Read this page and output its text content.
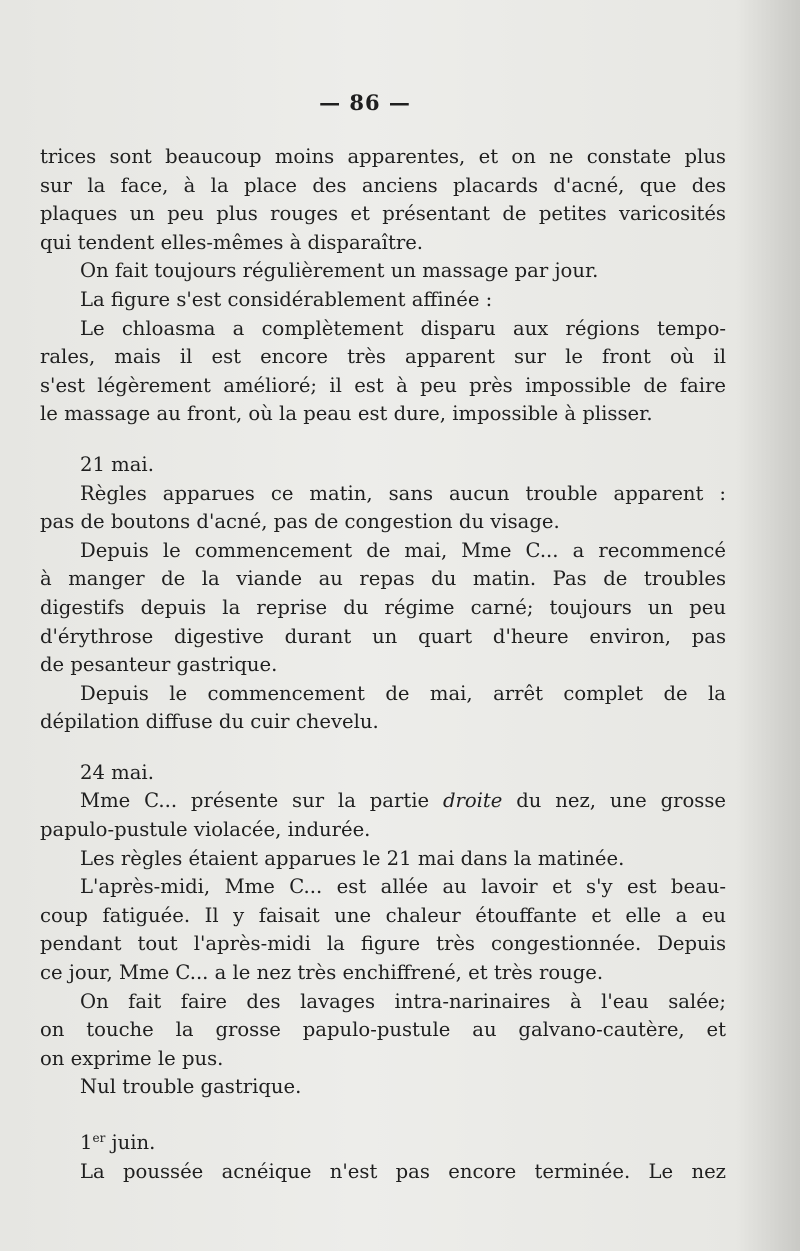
— 86 —
trices sont beaucoup moins apparentes, et on ne constate plus
sur la face, à la place des anciens placards d'acné, que des
plaques un peu plus rouges et présentant de petites varicosités
qui tendent elles-mêmes à disparaître.
On fait toujours régulièrement un massage par jour.
La figure s'est considérablement affinée :
Le chloasma a complètement disparu aux régions tempo-
rales, mais il est encore très apparent sur le front où il
s'est légèrement amélioré; il est à peu près impossible de faire
le massage au front, où la peau est dure, impossible à plisser.
21 mai.
Règles apparues ce matin, sans aucun trouble apparent :
pas de boutons d'acné, pas de congestion du visage.
Depuis le commencement de mai, Mme C... a recommencé
à manger de la viande au repas du matin. Pas de troubles
digestifs depuis la reprise du régime carné; toujours un peu
d'érythrose digestive durant un quart d'heure environ, pas
de pesanteur gastrique.
Depuis le commencement de mai, arrêt complet de la
dépilation diffuse du cuir chevelu.
24 mai.
Mme C... présente sur la partie droite du nez, une grosse
papulo-pustule violacée, indurée.
Les règles étaient apparues le 21 mai dans la matinée.
L'après-midi, Mme C... est allée au lavoir et s'y est beau-
coup fatiguée. Il y faisait une chaleur étouffante et elle a eu
pendant tout l'après-midi la figure très congestionnée. Depuis
ce jour, Mme C... a le nez très enchiffrené, et très rouge.
On fait faire des lavages intra-narinaires à l'eau salée;
on touche la grosse papulo-pustule au galvano-cautère, et
on exprime le pus.
Nul trouble gastrique.
1er juin.
La poussée acnéique n'est pas encore terminée. Le nez
